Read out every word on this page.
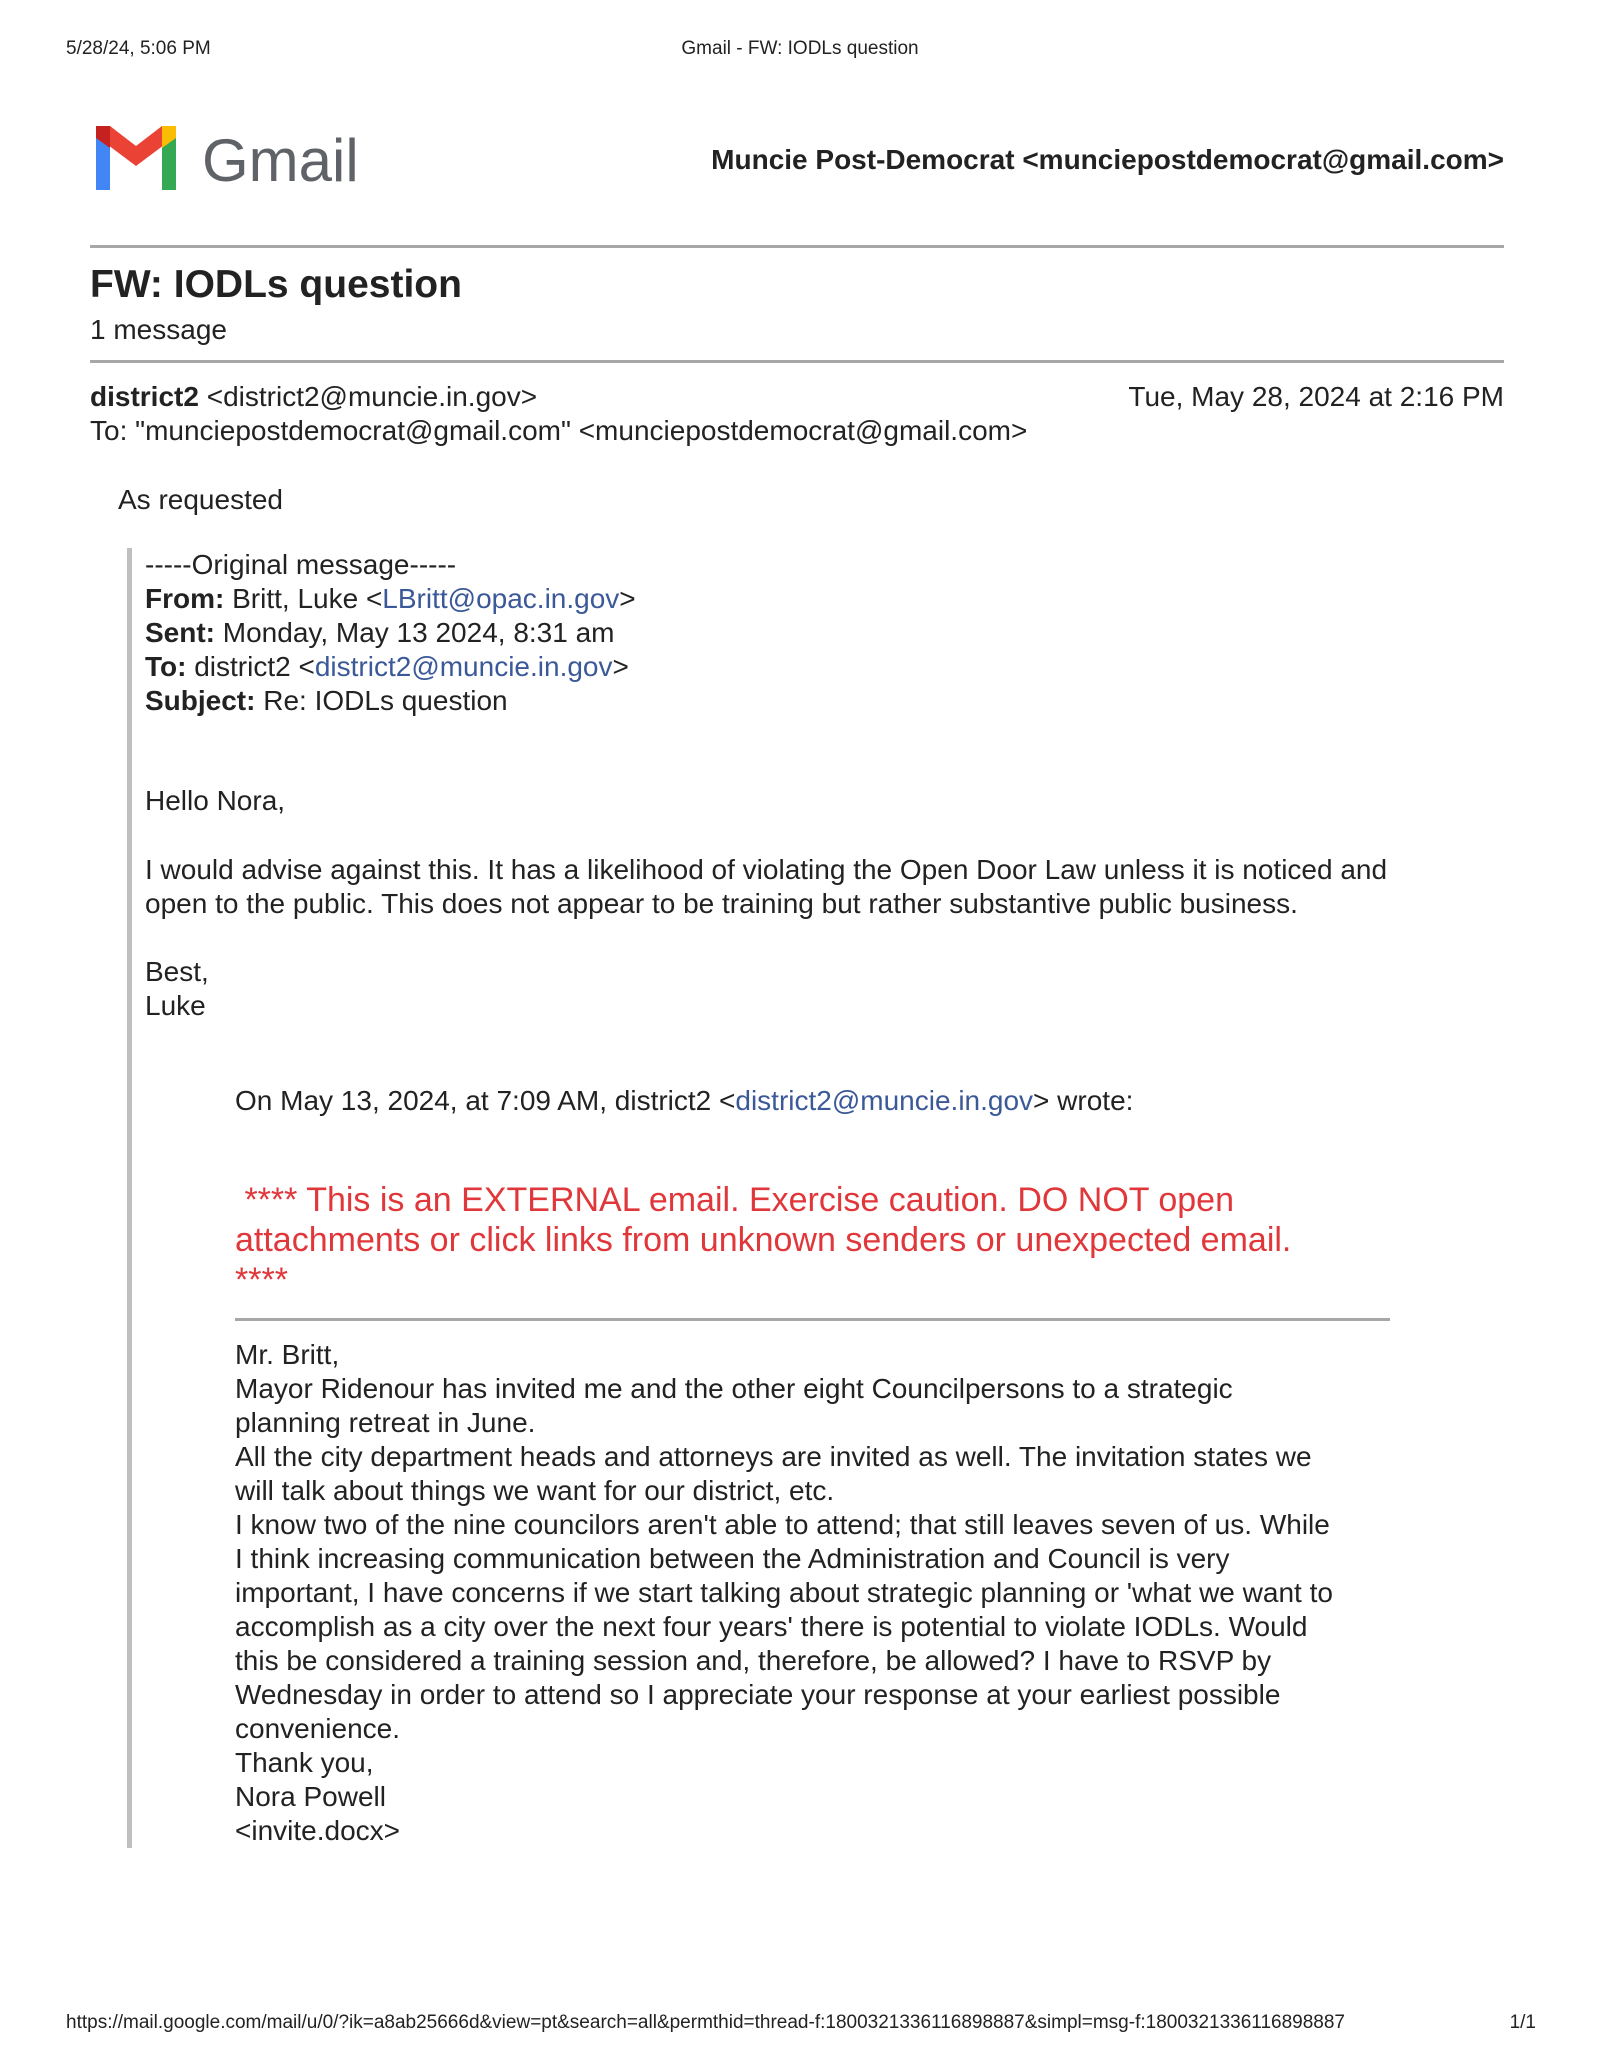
5/28/24, 5:06 PM	Gmail - FW: IODLs question
Gmail	Muncie Post-Democrat <munciepostdemocrat@gmail.com>
FW: IODLs question
1 message
district2 <district2@muncie.in.gov>	Tue, May 28, 2024 at 2:16 PM
To: "munciepostdemocrat@gmail.com" <munciepostdemocrat@gmail.com>
As requested
-----Original message-----
From: Britt, Luke <LBritt@opac.in.gov>
Sent: Monday, May 13 2024, 8:31 am
To: district2 <district2@muncie.in.gov>
Subject: Re: IODLs question
Hello Nora,
I would advise against this. It has a likelihood of violating the Open Door Law unless it is noticed and
open to the public. This does not appear to be training but rather substantive public business.
Best,
Luke
On May 13, 2024, at 7:09 AM, district2 <district2@muncie.in.gov> wrote:
**** This is an EXTERNAL email. Exercise caution. DO NOT open
attachments or click links from unknown senders or unexpected email.
****
Mr. Britt,
Mayor Ridenour has invited me and the other eight Councilpersons to a strategic
planning retreat in June.
All the city department heads and attorneys are invited as well. The invitation states we
will talk about things we want for our district, etc.
I know two of the nine councilors aren't able to attend; that still leaves seven of us. While
I think increasing communication between the Administration and Council is very
important, I have concerns if we start talking about strategic planning or 'what we want to
accomplish as a city over the next four years' there is potential to violate IODLs. Would
this be considered a training session and, therefore, be allowed? I have to RSVP by
Wednesday in order to attend so I appreciate your response at your earliest possible
convenience.
Thank you,
Nora Powell
<invite.docx>
https://mail.google.com/mail/u/0/?ik=a8ab25666d&view=pt&search=all&permthid=thread-f:1800321336116898887&simpl=msg-f:1800321336116898887	1/1
